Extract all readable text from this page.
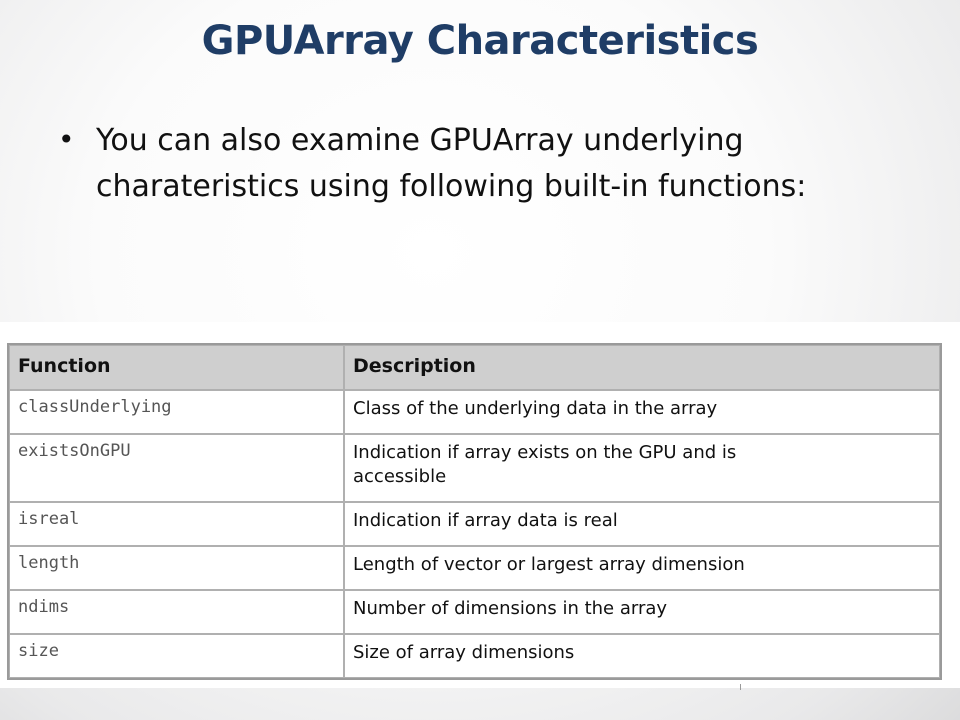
GPUArray Characteristics
• You can also examine GPUArray underlying charateristics using following built-in functions:
Function	Description
classUnderlying	Class of the underlying data in the array
existsOnGPU	Indication if array exists on the GPU and is accessible
isreal	Indication if array data is real
length	Length of vector or largest array dimension
ndims	Number of dimensions in the array
size	Size of array dimensions
